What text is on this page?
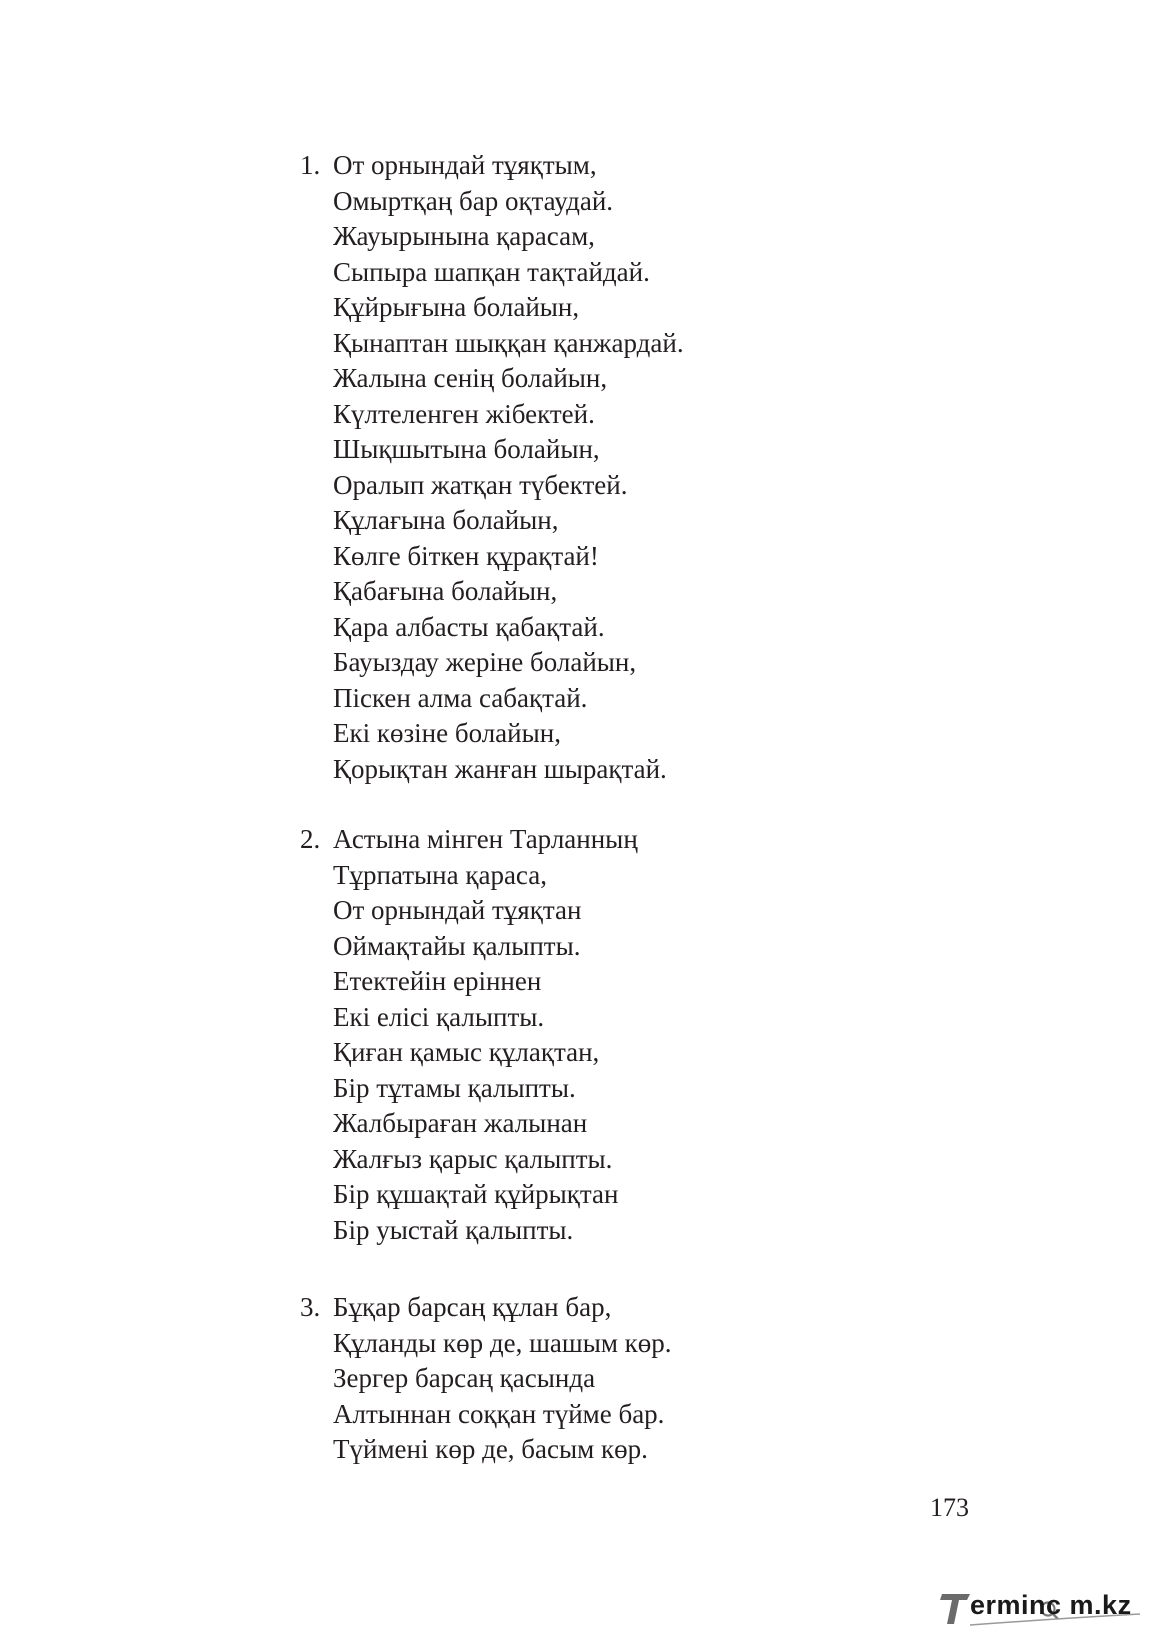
1. От орнындай тұяқтым,
Омыртқаң бар оқтаудай.
Жауырынына қарасам,
Сыпыра шапқан тақтайдай.
Құйрығына болайын,
Қынаптан шыққан қанжардай.
Жалына сенің болайын,
Күлтеленген жібектей.
Шықшытына болайын,
Оралып жатқан түбектей.
Құлағына болайын,
Көлге біткен құрақтай!
Қабағына болайын,
Қара албасты қабақтай.
Бауыздау жеріне болайын,
Піскен алма сабақтай.
Екі көзіне болайын,
Қорықтан жанған шырақтай.
2. Астына мінген Тарланның
Тұрпатына қараса,
От орнындай тұяқтан
Оймақтайы қалыпты.
Етектейін еріннен
Екі елісі қалыпты.
Қиған қамыс құлақтан,
Бір тұтамы қалыпты.
Жалбыраған жалынан
Жалғыз қарыс қалыпты.
Бір құшақтай құйрықтан
Бір уыстай қалыпты.
3. Бұқар барсаң құлан бар,
Құланды көр де, шашым көр.
Зергер барсаң қасында
Алтыннан соққан түйме бар.
Түймені көр де, басым көр.
173
erminc m.kz
